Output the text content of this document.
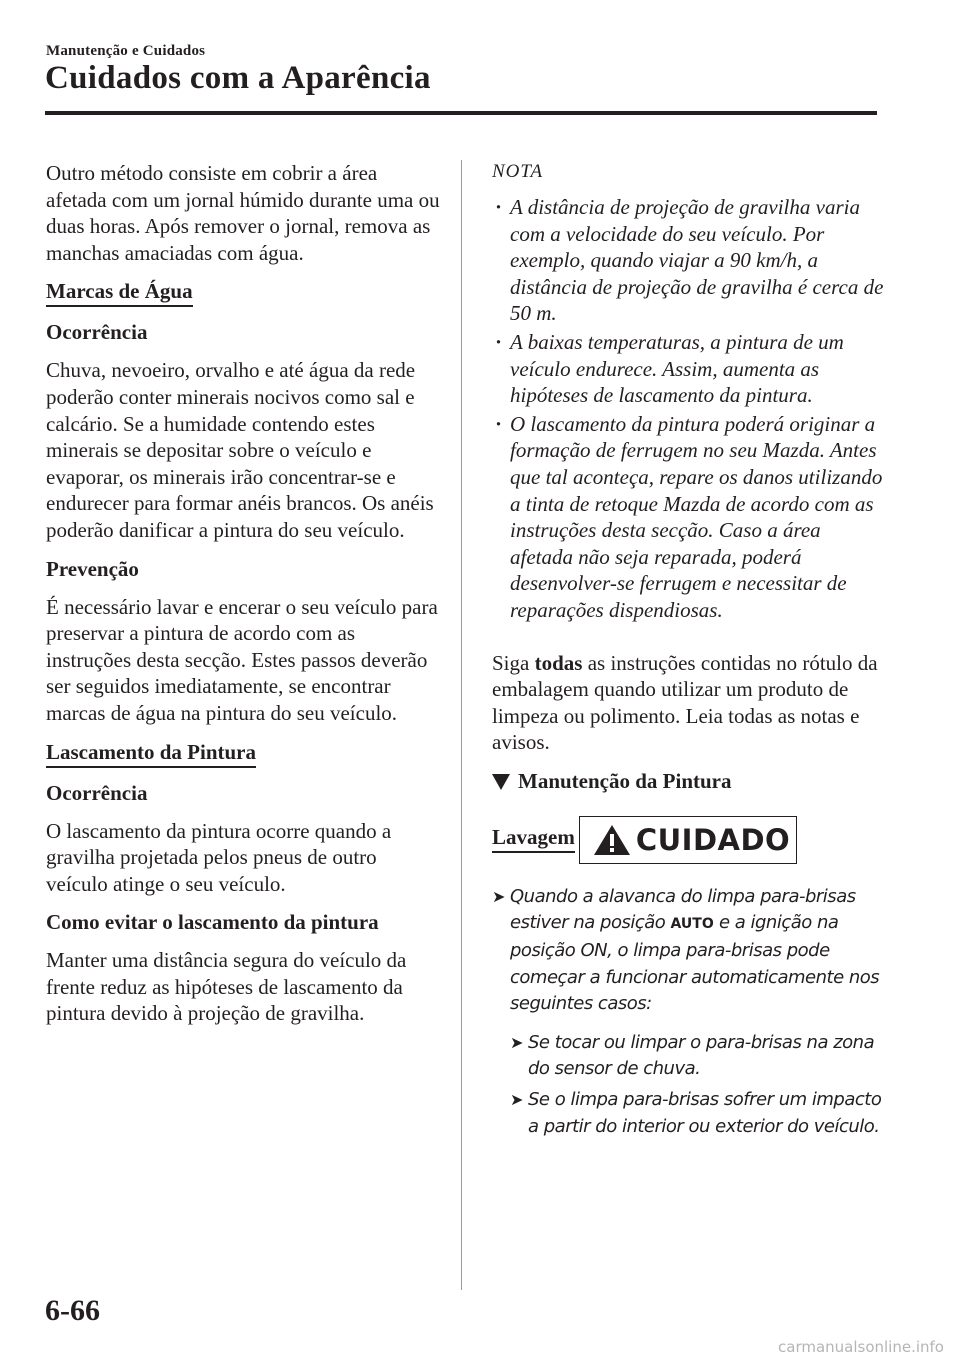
Manutenção e Cuidados
Cuidados com a Aparência

Outro método consiste em cobrir a área afetada com um jornal húmido durante uma ou duas horas. Após remover o jornal, remova as manchas amaciadas com água.

Marcas de Água
Ocorrência

Chuva, nevoeiro, orvalho e até água da rede poderão conter minerais nocivos como sal e calcário. Se a humidade contendo estes minerais se depositar sobre o veículo e evaporar, os minerais irão concentrar-se e endurecer para formar anéis brancos. Os anéis poderão danificar a pintura do seu veículo.

Prevenção

É necessário lavar e encerar o seu veículo para preservar a pintura de acordo com as instruções desta secção. Estes passos deverão ser seguidos imediatamente, se encontrar marcas de água na pintura do seu veículo.

Lascamento da Pintura
Ocorrência

O lascamento da pintura ocorre quando a gravilha projetada pelos pneus de outro veículo atinge o seu veículo.

Como evitar o lascamento da pintura

Manter uma distância segura do veículo da frente reduz as hipóteses de lascamento da pintura devido à projeção de gravilha.

NOTA
· A distância de projeção de gravilha varia com a velocidade do seu veículo. Por exemplo, quando viajar a 90 km/h, a distância de projeção de gravilha é cerca de 50 m.
· A baixas temperaturas, a pintura de um veículo endurece. Assim, aumenta as hipóteses de lascamento da pintura.
· O lascamento da pintura poderá originar a formação de ferrugem no seu Mazda. Antes que tal aconteça, repare os danos utilizando a tinta de retoque Mazda de acordo com as instruções desta secção. Caso a área afetada não seja reparada, poderá desenvolver-se ferrugem e necessitar de reparações dispendiosas.

Siga todas as instruções contidas no rótulo da embalagem quando utilizar um produto de limpeza ou polimento. Leia todas as notas e avisos.

Manutenção da Pintura
Lavagem CUIDADO
➤ Quando a alavanca do limpa para-brisas estiver na posição AUTO e a ignição na posição ON, o limpa para-brisas pode começar a funcionar automaticamente nos seguintes casos:
➤ Se tocar ou limpar o para-brisas na zona do sensor de chuva.
➤ Se o limpa para-brisas sofrer um impacto a partir do interior ou exterior do veículo.
6-66
carmanualsonline.info
